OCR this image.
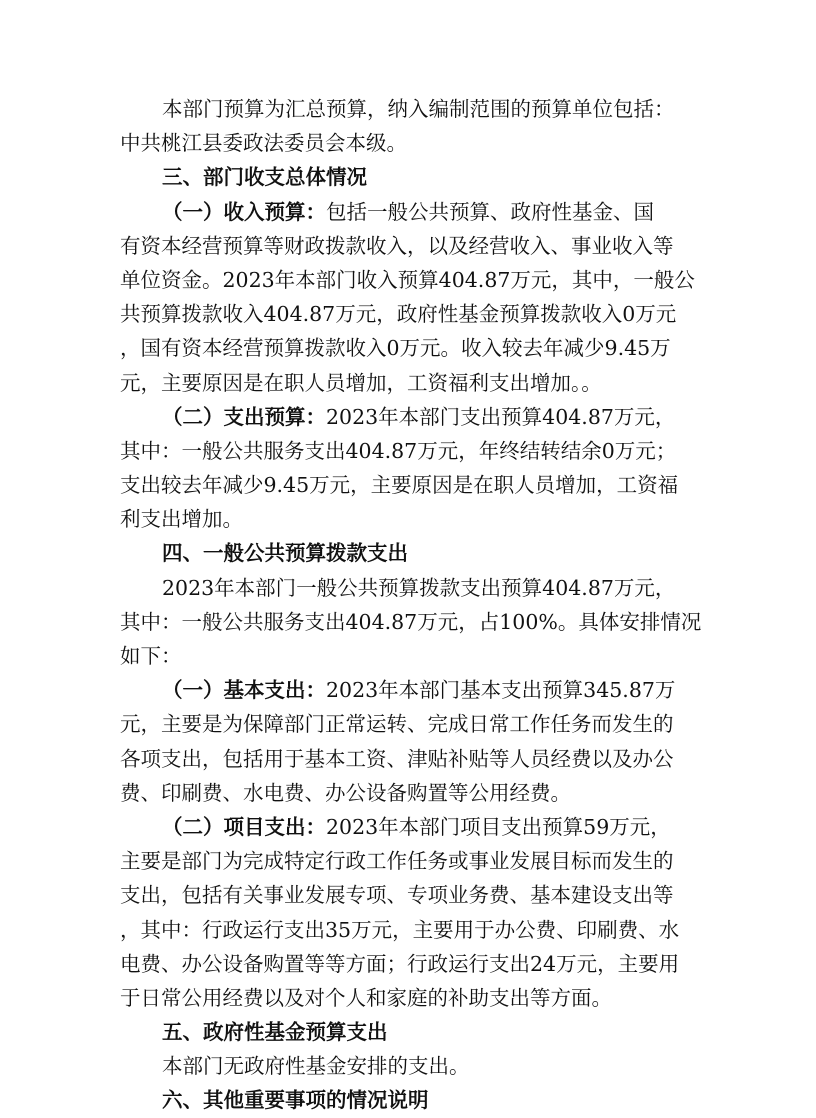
本部门预算为汇总预算，纳入编制范围的预算单位包括：
中共桃江县委政法委员会本级。
三、部门收支总体情况
（一）收入预算：包括一般公共预算、政府性基金、国
有资本经营预算等财政拨款收入，以及经营收入、事业收入等
单位资金。2023年本部门收入预算404.87万元，其中，一般公
共预算拨款收入404.87万元，政府性基金预算拨款收入0万元
，国有资本经营预算拨款收入0万元。收入较去年减少9.45万
元，主要原因是在职人员增加，工资福利支出增加。。
（二）支出预算：2023年本部门支出预算404.87万元，
其中：一般公共服务支出404.87万元，年终结转结余0万元；
支出较去年减少9.45万元，主要原因是在职人员增加，工资福
利支出增加。
四、一般公共预算拨款支出
2023年本部门一般公共预算拨款支出预算404.87万元，
其中：一般公共服务支出404.87万元，占100%。具体安排情况
如下：
（一）基本支出：2023年本部门基本支出预算345.87万
元，主要是为保障部门正常运转、完成日常工作任务而发生的
各项支出，包括用于基本工资、津贴补贴等人员经费以及办公
费、印刷费、水电费、办公设备购置等公用经费。
（二）项目支出：2023年本部门项目支出预算59万元，
主要是部门为完成特定行政工作任务或事业发展目标而发生的
支出，包括有关事业发展专项、专项业务费、基本建设支出等
，其中：行政运行支出35万元，主要用于办公费、印刷费、水
电费、办公设备购置等等方面；行政运行支出24万元，主要用
于日常公用经费以及对个人和家庭的补助支出等方面。
五、政府性基金预算支出
本部门无政府性基金安排的支出。
六、其他重要事项的情况说明
